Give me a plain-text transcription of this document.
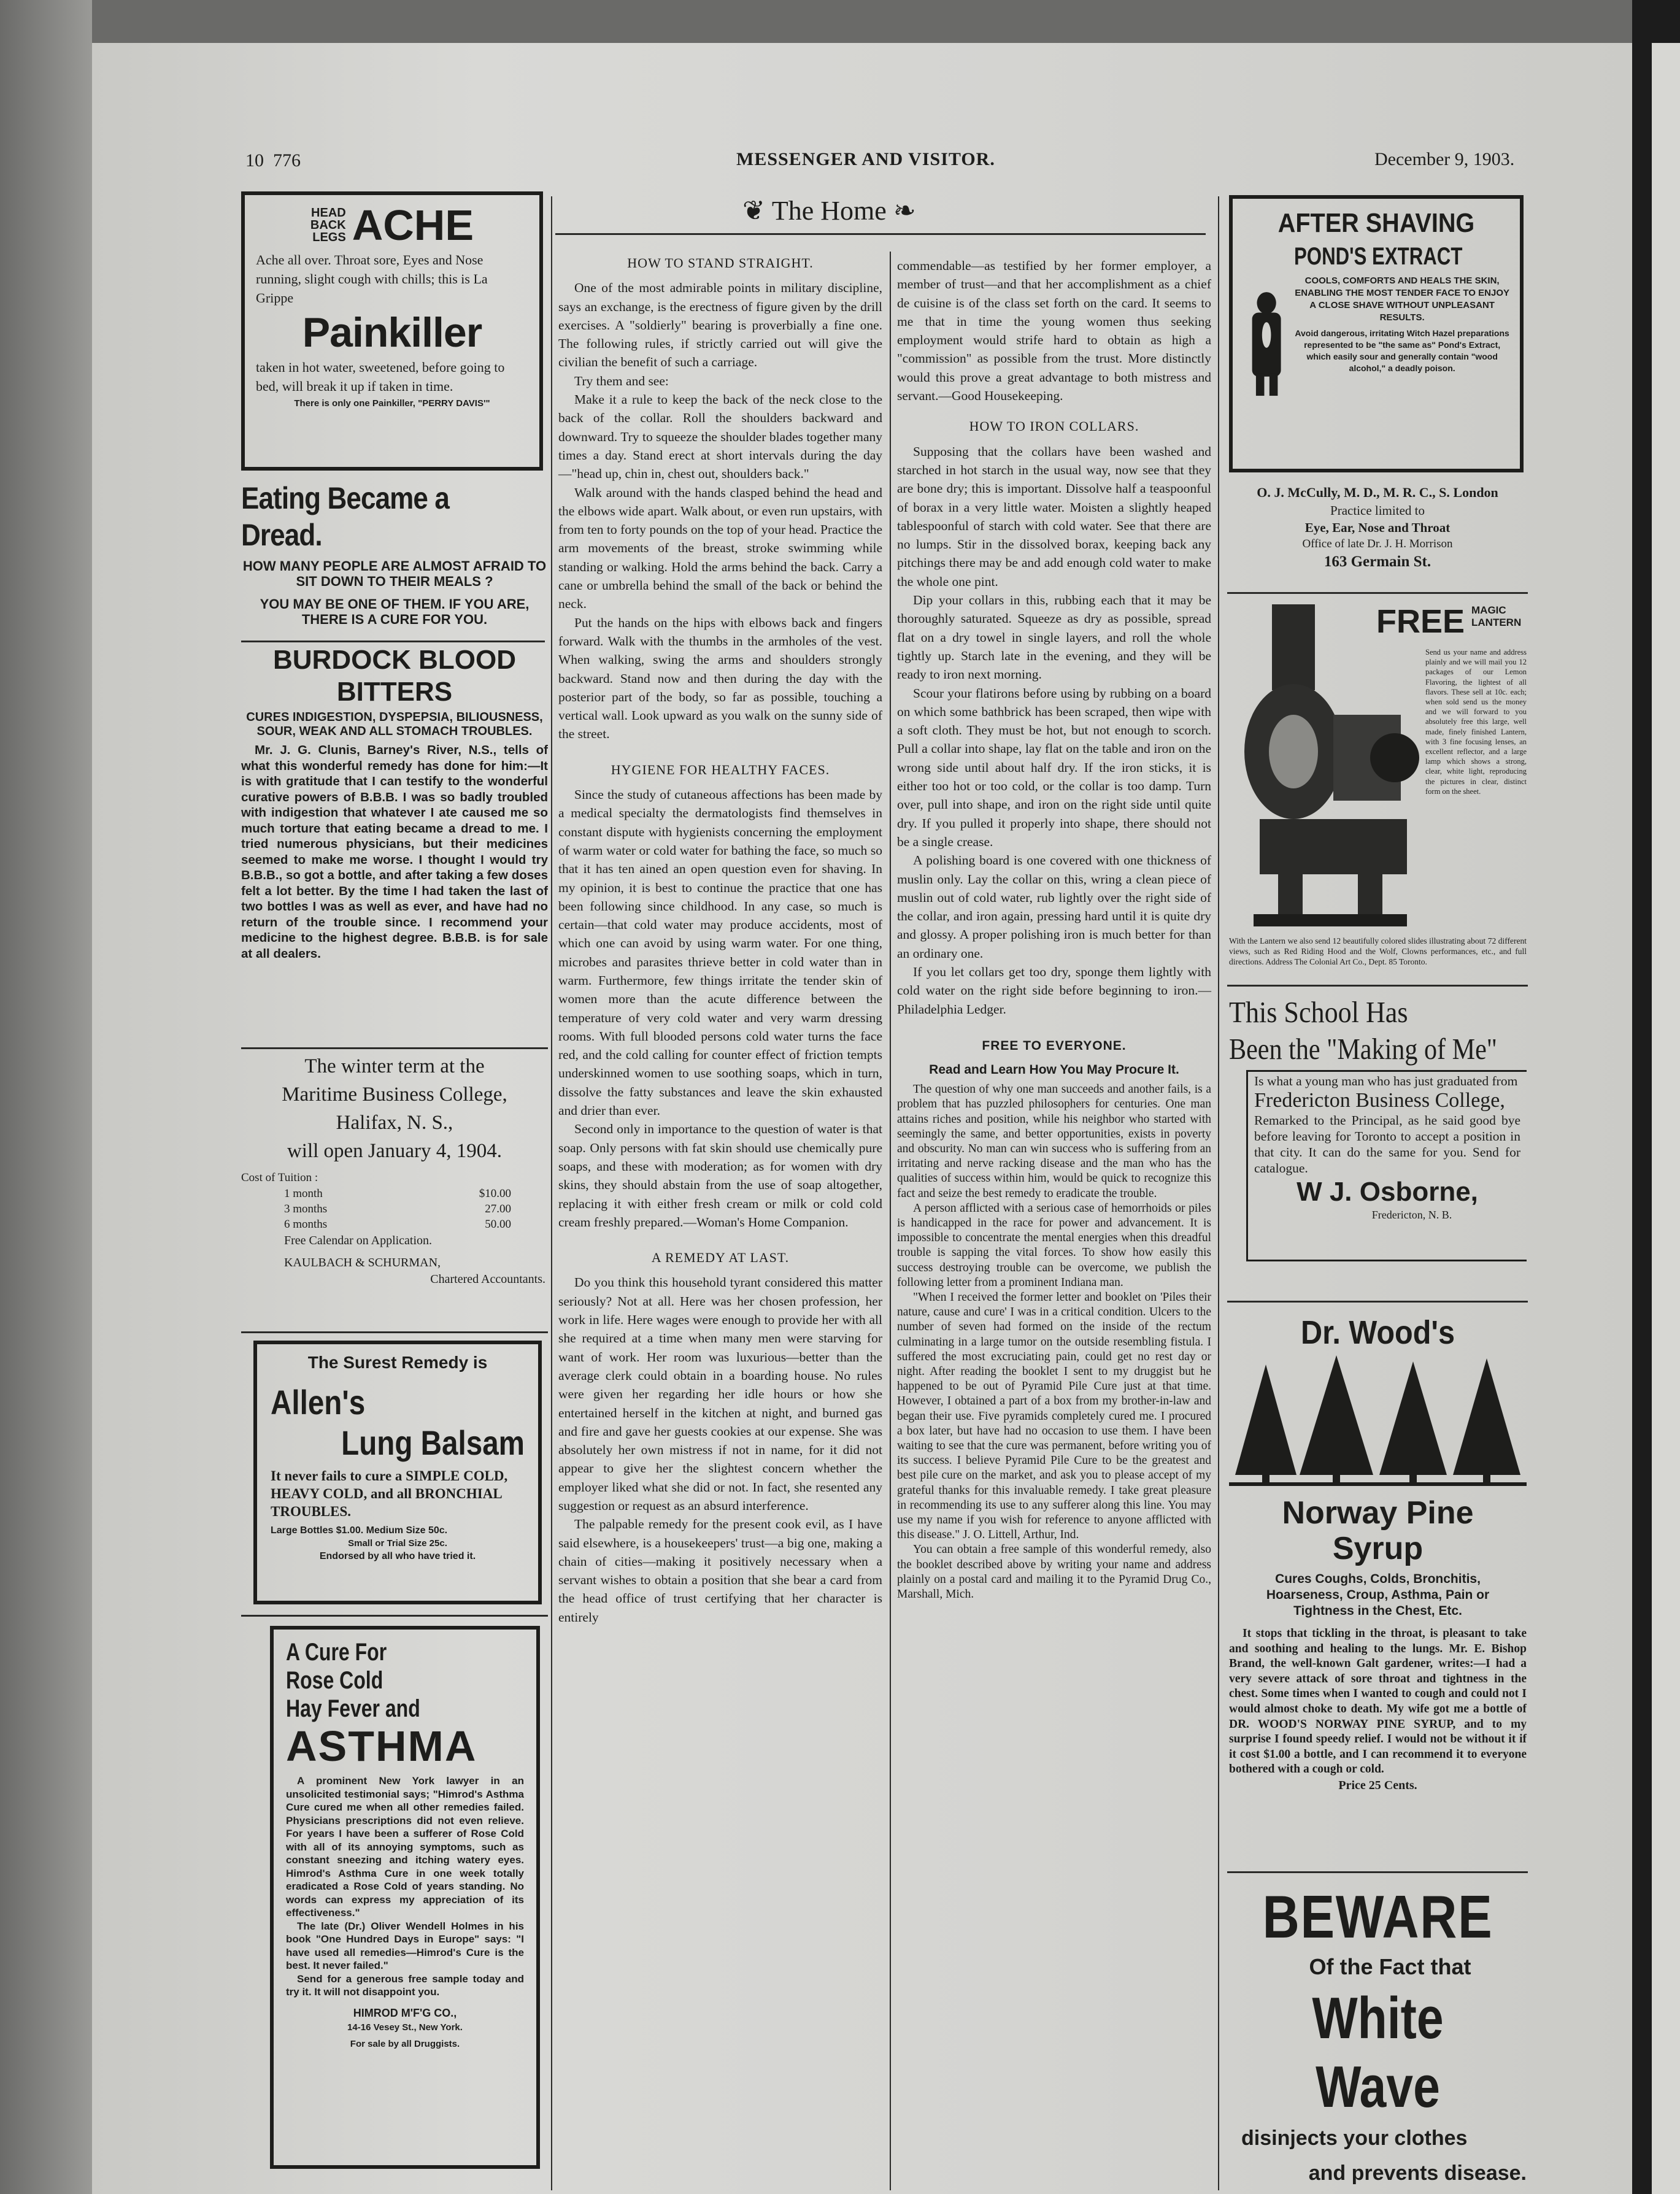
10 776	MESSENGER AND VISITOR.	December 9, 1903.
❦ The Home ❧
HEAD
BACK
LEGS ACHE
Ache all over. Throat sore, Eyes and Nose running, slight cough with chills; this is La Grippe
Painkiller
taken in hot water, sweetened, before going to bed, will break it up if taken in time.
There is only one Painkiller, "PERRY DAVIS'"
Eating Became a Dread.
HOW MANY PEOPLE ARE ALMOST AFRAID TO SIT DOWN TO THEIR MEALS ?
YOU MAY BE ONE OF THEM. IF YOU ARE, THERE IS A CURE FOR YOU.
BURDOCK BLOOD BITTERS
CURES INDIGESTION, DYSPEPSIA, BILIOUSNESS, SOUR, WEAK AND ALL STOMACH TROUBLES.
Mr. J. G. Clunis, Barney's River, N.S., tells of what this wonderful remedy has done for him:—It is with gratitude that I can testify to the wonderful curative powers of B.B.B. I was so badly troubled with indigestion that whatever I ate caused me so much torture that eating became a dread to me. I tried numerous physicians, but their medicines seemed to make me worse. I thought I would try B.B.B., so got a bottle, and after taking a few doses felt a lot better. By the time I had taken the last of two bottles I was as well as ever, and have had no return of the trouble since. I recommend your medicine to the highest degree. B.B.B. is for sale at all dealers.
The winter term at the
Maritime Business College,
Halifax, N. S.,
will open January 4, 1904.
Cost of Tuition :
1 month	$10.00
3 months	27.00
6 months	50.00
Free Calendar on Application.
KAULBACH & SCHURMAN,
Chartered Accountants.
The Surest Remedy is
Allen's
Lung Balsam
It never fails to cure a SIMPLE COLD, HEAVY COLD, and all BRONCHIAL TROUBLES.
Large Bottles $1.00. Medium Size 50c.
Small or Trial Size 25c.
Endorsed by all who have tried it.
A Cure For
Rose Cold
Hay Fever and
ASTHMA
A prominent New York lawyer in an unsolicited testimonial says; "Himrod's Asthma Cure cured me when all other remedies failed. Physicians prescriptions did not even relieve. For years I have been a sufferer of Rose Cold with all of its annoying symptoms, such as constant sneezing and itching watery eyes. Himrod's Asthma Cure in one week totally eradicated a Rose Cold of years standing. No words can express my appreciation of its effectiveness."
The late (Dr.) Oliver Wendell Holmes in his book "One Hundred Days in Europe" says: "I have used all remedies—Himrod's Cure is the best. It never failed."
Send for a generous free sample today and try it. It will not disappoint you.
HIMROD M'F'G CO.,
14-16 Vesey St., New York.
For sale by all Druggists.
HOW TO STAND STRAIGHT.

One of the most admirable points in military discipline, says an exchange, is the erectness of figure given by the drill exercises. A "soldierly" bearing is proverbially a fine one. The following rules, if strictly carried out will give the civilian the benefit of such a carriage.

Try them and see:

Make it a rule to keep the back of the neck close to the back of the collar. Roll the shoulders backward and downward. Try to squeeze the shoulder blades together many times a day. Stand erect at short intervals during the day—"head up, chin in, chest out, shoulders back."

Walk around with the hands clasped behind the head and the elbows wide apart. Walk about, or even run upstairs, with from ten to forty pounds on the top of your head. Practice the arm movements of the breast, stroke swimming while standing or walking. Hold the arms behind the back. Carry a cane or umbrella behind the small of the back or behind the neck.

Put the hands on the hips with elbows back and fingers forward. Walk with the thumbs in the armholes of the vest. When walking, swing the arms and shoulders strongly backward. Stand now and then during the day with the posterior part of the body, so far as possible, touching a vertical wall. Look upward as you walk on the sunny side of the street.

HYGIENE FOR HEALTHY FACES.

Since the study of cutaneous affections has been made by a medical specialty the dermatologists find themselves in constant dispute with hygienists concerning the employment of warm water or cold water for bathing the face, so much so that it has ten ained an open question even for shaving. In my opinion, it is best to continue the practice that one has been following since childhood. In any case, so much is certain—that cold water may produce accidents, most of which one can avoid by using warm water. For one thing, microbes and parasites thrieve better in cold water than in warm. Furthermore, few things irritate the tender skin of women more than the acute difference between the temperature of very cold water and very warm dressing rooms. With full blooded persons cold water turns the face red, and the cold calling for counter effect of friction tempts underskinned women to use soothing soaps, which in turn, dissolve the fatty substances and leave the skin exhausted and drier than ever.

Second only in importance to the question of water is that soap. Only persons with fat skin should use chemically pure soaps, and these with moderation; as for women with dry skins, they should abstain from the use of soap altogether, replacing it with either fresh cream or milk or cold cold cream freshly prepared.—Woman's Home Companion.

A REMEDY AT LAST.

Do you think this household tyrant considered this matter seriously? Not at all. Here was her chosen profession, her work in life. Here wages were enough to provide her with all she required at a time when many men were starving for want of work. Her room was luxurious—better than the average clerk could obtain in a boarding house. No rules were given her regarding her idle hours or how she entertained herself in the kitchen at night, and burned gas and fire and gave her guests cookies at our expense. She was absolutely her own mistress if not in name, for it did not appear to give her the slightest concern whether the employer liked what she did or not. In fact, she resented any suggestion or request as an absurd interference.

The palpable remedy for the present cook evil, as I have said elsewhere, is a housekeepers' trust—a big one, making a chain of cities—making it positively necessary when a servant wishes to obtain a position that she bear a card from the head office of trust certifying that her character is entirely

commendable—as testified by her former employer, a member of trust—and that her accomplishment as a chief de cuisine is of the class set forth on the card. It seems to me that in time the young women thus seeking employment would strife hard to obtain as high a "commission" as possible from the trust. More distinctly would this prove a great advantage to both mistress and servant.—Good Housekeeping.

HOW TO IRON COLLARS.

Supposing that the collars have been washed and starched in hot starch in the usual way, now see that they are bone dry; this is important. Dissolve half a teaspoonful of borax in a very little water. Moisten a slightly heaped tablespoonful of starch with cold water. See that there are no lumps. Stir in the dissolved borax, keeping back any pitchings there may be and add enough cold water to make the whole one pint.

Dip your collars in this, rubbing each that it may be thoroughly saturated. Squeeze as dry as possible, spread flat on a dry towel in single layers, and roll the whole tightly up. Starch late in the evening, and they will be ready to iron next morning.

Scour your flatirons before using by rubbing on a board on which some bathbrick has been scraped, then wipe with a soft cloth. They must be hot, but not enough to scorch. Pull a collar into shape, lay flat on the table and iron on the wrong side until about half dry. If the iron sticks, it is either too hot or too cold, or the collar is too damp. Turn over, pull into shape, and iron on the right side until quite dry. If you pulled it properly into shape, there should not be a single crease.

A polishing board is one covered with one thickness of muslin only. Lay the collar on this, wring a clean piece of muslin out of cold water, rub lightly over the right side of the collar, and iron again, pressing hard until it is quite dry and glossy. A proper polishing iron is much better for than an ordinary one.

If you let collars get too dry, sponge them lightly with cold water on the right side before beginning to iron.—Philadelphia Ledger.

FREE TO EVERYONE.
Read and Learn How You May Procure It.

The question of why one man succeeds and another fails, is a problem that has puzzled philosophers for centuries. One man attains riches and position, while his neighbor who started with seemingly the same, and better opportunities, exists in poverty and obscurity. No man can win success who is suffering from an irritating and nerve racking disease and the man who has the qualities of success within him, would be quick to recognize this fact and seize the best remedy to eradicate the trouble.

A person afflicted with a serious case of hemorrhoids or piles is handicapped in the race for power and advancement. It is impossible to concentrate the mental energies when this dreadful trouble is sapping the vital forces. To show how easily this success destroying trouble can be overcome, we publish the following letter from a prominent Indiana man.

"When I received the former letter and booklet on 'Piles their nature, cause and cure' I was in a critical condition. Ulcers to the number of seven had formed on the inside of the rectum culminating in a large tumor on the outside resembling fistula. I suffered the most excruciating pain, could get no rest day or night. After reading the booklet I sent to my druggist but he happened to be out of Pyramid Pile Cure just at that time. However, I obtained a part of a box from my brother-in-law and began their use. Five pyramids completely cured me. I procured a box later, but have had no occasion to use them. I have been waiting to see that the cure was permanent, before writing you of its success. I believe Pyramid Pile Cure to be the greatest and best pile cure on the market, and ask you to please accept of my grateful thanks for this invaluable remedy. I take great pleasure in recommending its use to any sufferer along this line. You may use my name if you wish for reference to anyone afflicted with this disease." J. O. Littell, Arthur, Ind.

You can obtain a free sample of this wonderful remedy, also the booklet described above by writing your name and address plainly on a postal card and mailing it to the Pyramid Drug Co., Marshall, Mich.

AFTER SHAVING
POND'S EXTRACT
COOLS, COMFORTS AND HEALS THE SKIN, ENABLING THE MOST TENDER FACE TO ENJOY A CLOSE SHAVE WITHOUT UNPLEASANT RESULTS.
Avoid dangerous, irritating Witch Hazel preparations represented to be "the same as" Pond's Extract, which easily sour and generally contain "wood alcohol," a deadly poison.
O. J. McCully, M. D., M. R. C., S. London
Practice limited to
Eye, Ear, Nose and Throat
Office of late Dr. J. H. Morrison
163 Germain St.
FREE MAGIC LANTERN
Send us your name and address plainly and we will mail you 12 packages of our Lemon Flavoring, the lightest of all flavors. These sell at 10c. each; when sold send us the money and we will forward to you absolutely free this large, well made, finely finished Lantern, with 3 fine focusing lenses, an excellent reflector, and a large lamp which shows a strong, clear, white light, reproducing the pictures in clear, distinct form on the sheet.
With the Lantern we also send 12 beautifully colored slides illustrating about 72 different views, such as Red Riding Hood and the Wolf, Clowns performances, etc., and full directions. Address The Colonial Art Co., Dept. 85 Toronto.
This School Has
Been the "Making of Me"
Is what a young man who has just graduated from
Fredericton Business College,
Remarked to the Principal, as he said good bye before leaving for Toronto to accept a position in that city. It can do the same for you. Send for catalogue.
W J. Osborne,
Fredericton, N. B.
Dr. Wood's
Norway Pine
Syrup
Cures Coughs, Colds, Bronchitis, Hoarseness, Croup, Asthma, Pain or Tightness in the Chest, Etc.
It stops that tickling in the throat, is pleasant to take and soothing and healing to the lungs. Mr. E. Bishop Brand, the well-known Galt gardener, writes:—I had a very severe attack of sore throat and tightness in the chest. Some times when I wanted to cough and could not I would almost choke to death. My wife got me a bottle of DR. WOOD'S NORWAY PINE SYRUP, and to my surprise I found speedy relief. I would not be without it if it cost $1.00 a bottle, and I can recommend it to everyone bothered with a cough or cold.
Price 25 Cents.
BEWARE
Of the Fact that
White Wave
disinjects your clothes
and prevents disease.
